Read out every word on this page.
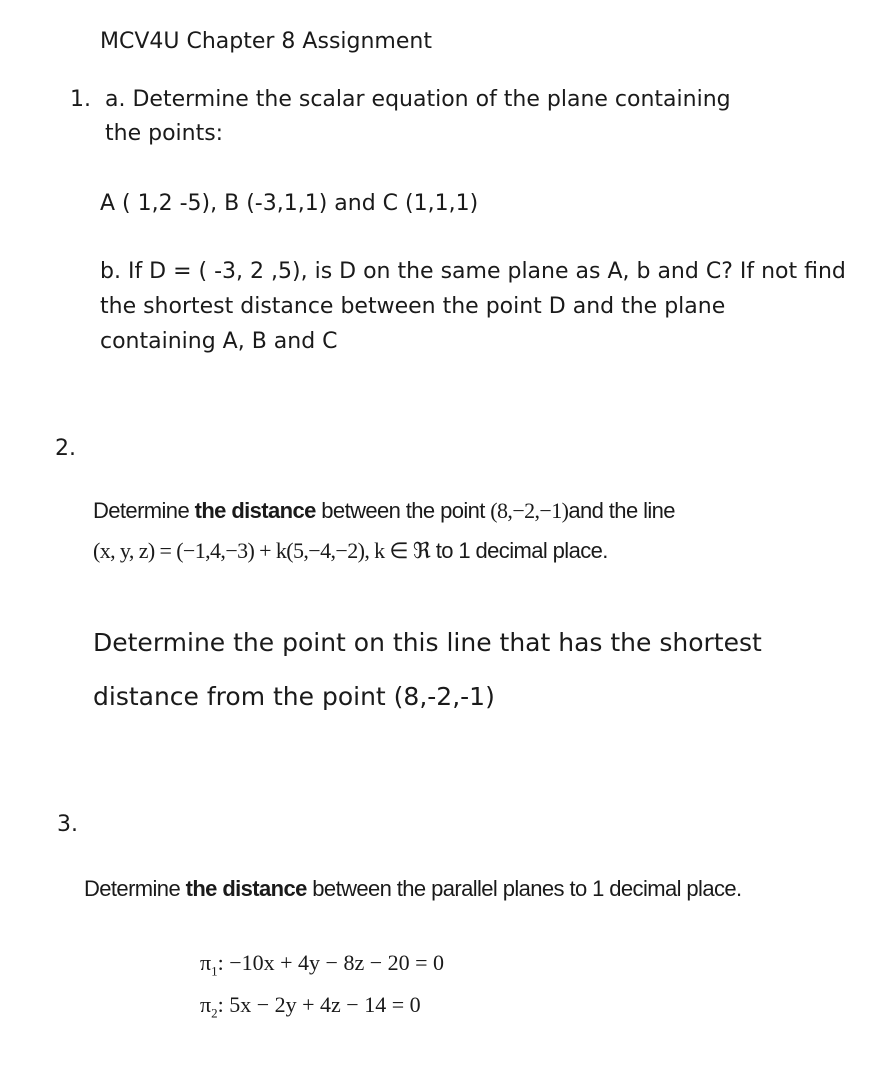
MCV4U Chapter 8 Assignment
1. a. Determine the scalar equation of the plane containing
the points:
A ( 1,2 -5), B (-3,1,1) and C (1,1,1)
b. If D = ( -3, 2 ,5), is D on the same plane as A, b and C? If not find
the shortest distance between the point D and the plane
containing A, B and C
2.
Determine the distance between the point (8,−2,−1)and the line
(x, y, z) = (−1,4,−3) + k(5,−4,−2), k ∈ ℜ to 1 decimal place.
Determine the point on this line that has the shortest
distance from the point (8,-2,-1)
3.
Determine the distance between the parallel planes to 1 decimal place.
$\pi_1$: −10x + 4y − 8z − 20 = 0
$\pi_2$: 5x − 2y + 4z − 14 = 0
